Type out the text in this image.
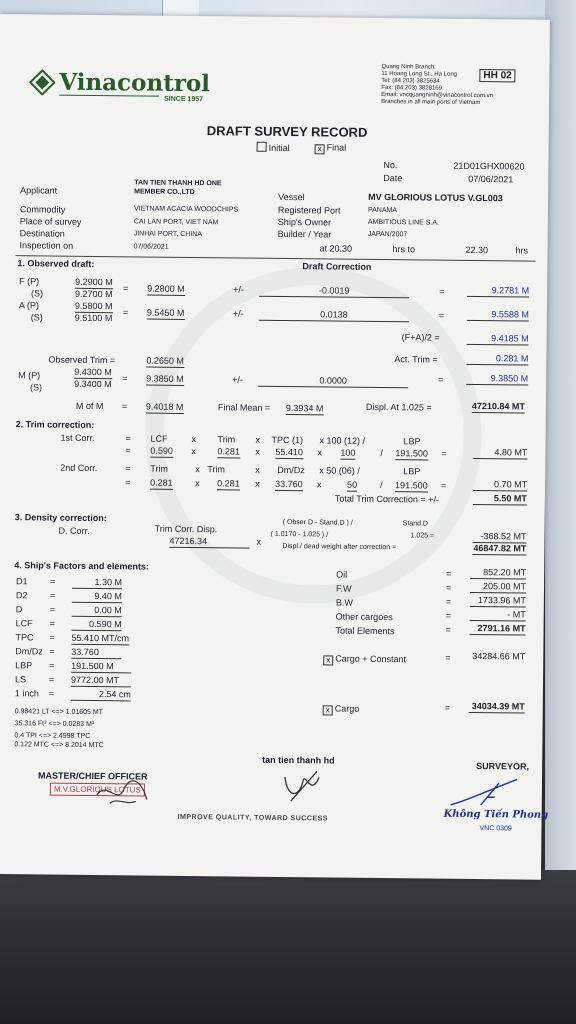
Vinacontrol
SINCE 1957
Quang Ninh Branch:
11 Hoang Long St., Ha Long
Tel: (84.203) 3825634
Fax: (84.203) 3828169
Email: vncquangninh@vinacontrol.com.vn
Branches in all main ports of Vietnam
HH 02
DRAFT SURVEY RECORD
Initial	x Final
No.	21D01GHX00620
Date	07/06/2021
Applicant
TAN TIEN THANH HD ONE
MEMBER CO.,LTD
Commodity	VIETNAM ACACIA WOODCHIPS
Place of survey	CAI LAN PORT, VIET NAM
Destination	JINHAI PORT, CHINA
Inspection on	07/06/2021
Vessel	MV GLORIOUS LOTUS V.GL003
Registered Port	PANAMA
Ship's Owner	AMBITIOUS LINE S.A.
Builder / Year	JAPAN/2007
at 20.30	hrs to	22.30	hrs
1. Observed draft:	Draft Correction
F (P)	9.2900 M
(S)	9.2700 M
A (P)	9.5800 M
(S)	9.5100 M
= 9.2800 M	+/-	-0.0019	=	9.2781 M
= 9.5450 M	+/-	0.0138	=	9.5588 M
(F+A)/2 =	9.4185 M
Observed Trim =	0.2650 M	Act. Trim =	0.281 M
M (P)	9.4300 M
(S)	9.3400 M
= 9.3850 M	+/-	0.0000	=	9.3850 M
M of M = 9.4018 M	Final Mean = 9.3934 M	Displ. At 1.025 =	47210.84 MT
2. Trim correction:
1st Corr.
2nd Corr.
= LCF	x Trim x TPC (1) x 100 (12) /	LBP
= 0.590 x 0.281 x 55.410 x 100	/ 191.500 =	4.80 MT
= Trim	x Trim	x Dm/Dz x 50 (06) /	LBP
= 0.281 x 0.281 x 33.760 x	50	/ 191.500 =	0.70 MT
Total Trim Correction = +/-	5.50 MT
3. Density correction:
D. Corr.	Trim Corr. Disp.
47216.34	x
( Obser D - Stand.D ) /	Stand.D
( 1.0170 - 1.025 ) /	1.025 =	-368.52 MT
Displ./ dead weight after correction =	46847.82 MT
4. Ship's Factors and elements:
D1 =	1.30 M
D2 =	9.40 M
D	=	0.00 M
LCF =	0.590 M
TPC = 55.410 MT/cm
Dm/Dz = 33.760
LBP = 191.500 M
LS	= 9772.00 MT
1 inch =	2.54 cm
0.98421 LT <=> 1.01605 MT
35.316 Ft³ <=> 0.0283 M³
0.4 TPI <=> 2.4998 TPC
0.122 MTC <=> 8.2014 MTC
Oil	=	852.20 MT
F.W	=	205.00 MT
B.W	=	1733.96 MT
Other cargoes	=	- MT
Total Elements	=	2791.16 MT
x Cargo + Constant	=	34284.66 MT
x Cargo	=	34034.39 MT
MASTER/CHIEF OFFICER
M.V.GLORIOUS LOTUS
tan tien thanh hd
IMPROVE QUALITY, TOWARD SUCCESS
SURVEYOR,
Không Tiến Phong
VNC 0309
